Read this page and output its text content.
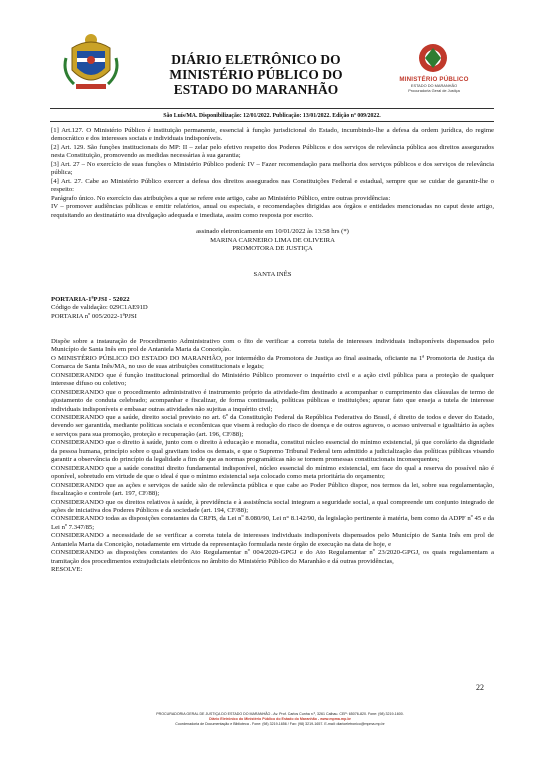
DIÁRIO ELETRÔNICO DO
MINISTÉRIO PÚBLICO DO
ESTADO DO MARANHÃO
MINISTÉRIO PÚBLICO
ESTADO DO MARANHÃO
Procuradoria Geral de Justiça
São Luís/MA. Disponibilização: 12/01/2022. Publicação: 13/01/2022. Edição nº 009/2022.

[1] Art.127. O Ministério Público é instituição permanente, essencial à função jurisdicional do Estado, incumbindo-lhe a defesa da ordem jurídica, do regime democrático e dos interesses sociais e individuais indisponíveis.

[2] Art. 129. São funções institucionais do MP: II – zelar pelo efetivo respeito dos Poderes Públicos e dos serviços de relevância pública aos direitos assegurados nesta Constituição, promovendo as medidas necessárias à sua garantia;

[3] Art. 27 – No exercício de suas funções o Ministério Público poderá: IV – Fazer recomendação para melhoria dos serviços públicos e dos serviços de relevância pública;

[4] Art. 27. Cabe ao Ministério Público exercer a defesa dos direitos assegurados nas Constituições Federal e estadual, sempre que se cuidar de garantir-lhe o respeito:

Parágrafo único. No exercício das atribuições a que se refere este artigo, cabe ao Ministério Público, entre outras providências:

IV – promover audiências públicas e emitir relatórios, anual ou especiais, e recomendações dirigidas aos órgãos e entidades mencionadas no caput deste artigo, requisitando ao destinatário sua divulgação adequada e imediata, assim como resposta por escrito.

assinado eletronicamente em 10/01/2022 às 13:58 hrs (*)

MARINA CARNEIRO LIMA DE OLIVEIRA

PROMOTORA DE JUSTIÇA

SANTA INÊS

PORTARIA-1ªPJSI - 52022

Código de validação: 029C1AE91D

PORTARIA nº 005/2022-1ªPJSI

Dispõe sobre a instauração de Procedimento Administrativo com o fito de verificar a correta tutela de interesses individuais indisponíveis dispensados pelo Município de Santa Inês em prol de Antaniela Maria da Conceição.

O MINISTÉRIO PÚBLICO DO ESTADO DO MARANHÃO, por intermédio da Promotora de Justiça ao final assinada, oficiante na 1ª Promotoria de Justiça da Comarca de Santa Inês/MA, no uso de suas atribuições constitucionais e legais;

CONSIDERANDO que é função institucional primordial do Ministério Público promover o inquérito civil e a ação civil pública para a proteção de qualquer interesse difuso ou coletivo;

CONSIDERANDO que o procedimento administrativo é instrumento próprio da atividade-fim destinado a acompanhar o cumprimento das cláusulas de termo de ajustamento de conduta celebrado; acompanhar e fiscalizar, de forma continuada, políticas públicas e instituições; apurar fato que enseja a tutela de interesse individuais indisponíveis e embasar outras atividades não sujeitas a inquérito civil;

CONSIDERANDO que a saúde, direito social previsto no art. 6º da Constituição Federal da República Federativa do Brasil, é direito de todos e dever do Estado, devendo ser garantida, mediante políticas sociais e econômicas que visem à redução do risco de doença e de outros agravos, o acesso universal e igualitário às ações e serviços para sua promoção, proteção e recuperação (art. 196, CF/88);

CONSIDERANDO que o direito à saúde, junto com o direito à educação e moradia, constitui núcleo essencial do mínimo existencial, já que corolário da dignidade da pessoa humana, princípio sobre o qual gravitam todos os demais, e que o Supremo Tribunal Federal tem admitido a judicialização das políticas públicas visando garantir a observância do princípio da legalidade a fim de que as normas programáticas não se tornem promessas constitucionais inconsequentes;

CONSIDERANDO que a saúde constitui direito fundamental indisponível, núcleo essencial do mínimo existencial, em face do qual a reserva do possível não é oponível, sobretudo em virtude de que o ideal é que o mínimo existencial seja colocado como meta prioritária do orçamento;

CONSIDERANDO que as ações e serviços de saúde são de relevância pública e que cabe ao Poder Público dispor, nos termos da lei, sobre sua regulamentação, fiscalização e controle (art. 197, CF/88);

CONSIDERANDO que os direitos relativos à saúde, à previdência e à assistência social integram a seguridade social, a qual compreende um conjunto integrado de ações de iniciativa dos Poderes Públicos e da sociedade (art. 194, CF/88);

CONSIDERANDO todas as disposições constantes da CRFB, da Lei nº 8.080/90, Lei n° 8.142/90, da legislação pertinente à matéria, bem como da ADPF nº 45 e da Lei nº 7.347/85;

CONSIDERANDO a necessidade de se verificar a correta tutela de interesses individuais indisponíveis dispensados pelo Município de Santa Inês em prol de Antaniela Maria da Conceição, notadamente em virtude da representação formulada neste órgão de execução na data de hoje, e

CONSIDERANDO as disposições constantes do Ato Regulamentar nº 004/2020-GPGJ e do Ato Regulamentar nº 23/2020-GPGJ, os quais regulamentam a tramitação dos procedimentos extrajudiciais eletrônicos no âmbito do Ministério Público do Maranhão e dá outras providências,

RESOLVE:

22
PROCURADORIA GERAL DE JUSTIÇA DO ESTADO DO MARANHÃO - Av. Prof. Carlos Cunha n.º, 3261 Calhau. CEP: 65076-820. Fone: (98) 3219-1600.
Diário Eletrônico do Ministério Público do Estado do Maranhão - www.mpma.mp.br
Coordenadoria de Documentação e Biblioteca - Fone: (98) 3219-1656 / Fax: (98) 3219-1657. E-mail: diarioeletronico@mpma.mp.br
